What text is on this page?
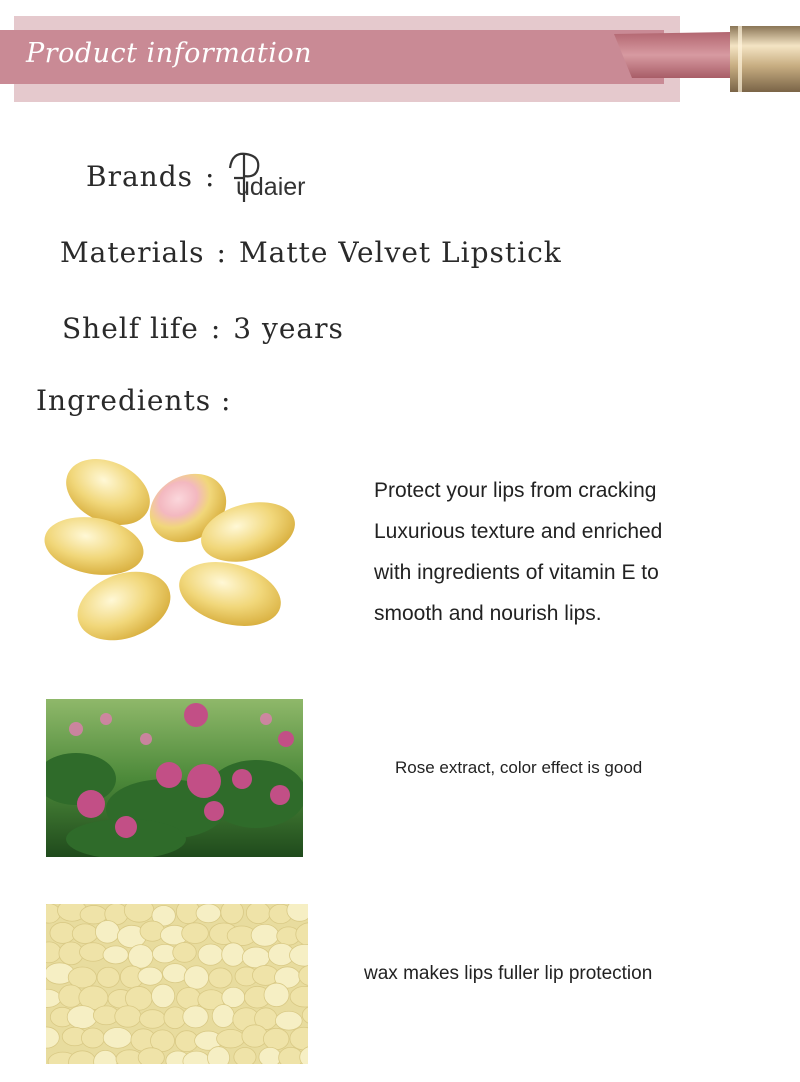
Product information
Brands : udaier
Materials : Matte Velvet Lipstick
Shelf life : 3 years
Ingredients :
Protect your lips from cracking
Luxurious texture and enriched
with ingredients of vitamin E to
smooth and nourish lips.
Rose extract, color effect is good
wax makes lips fuller lip protection
